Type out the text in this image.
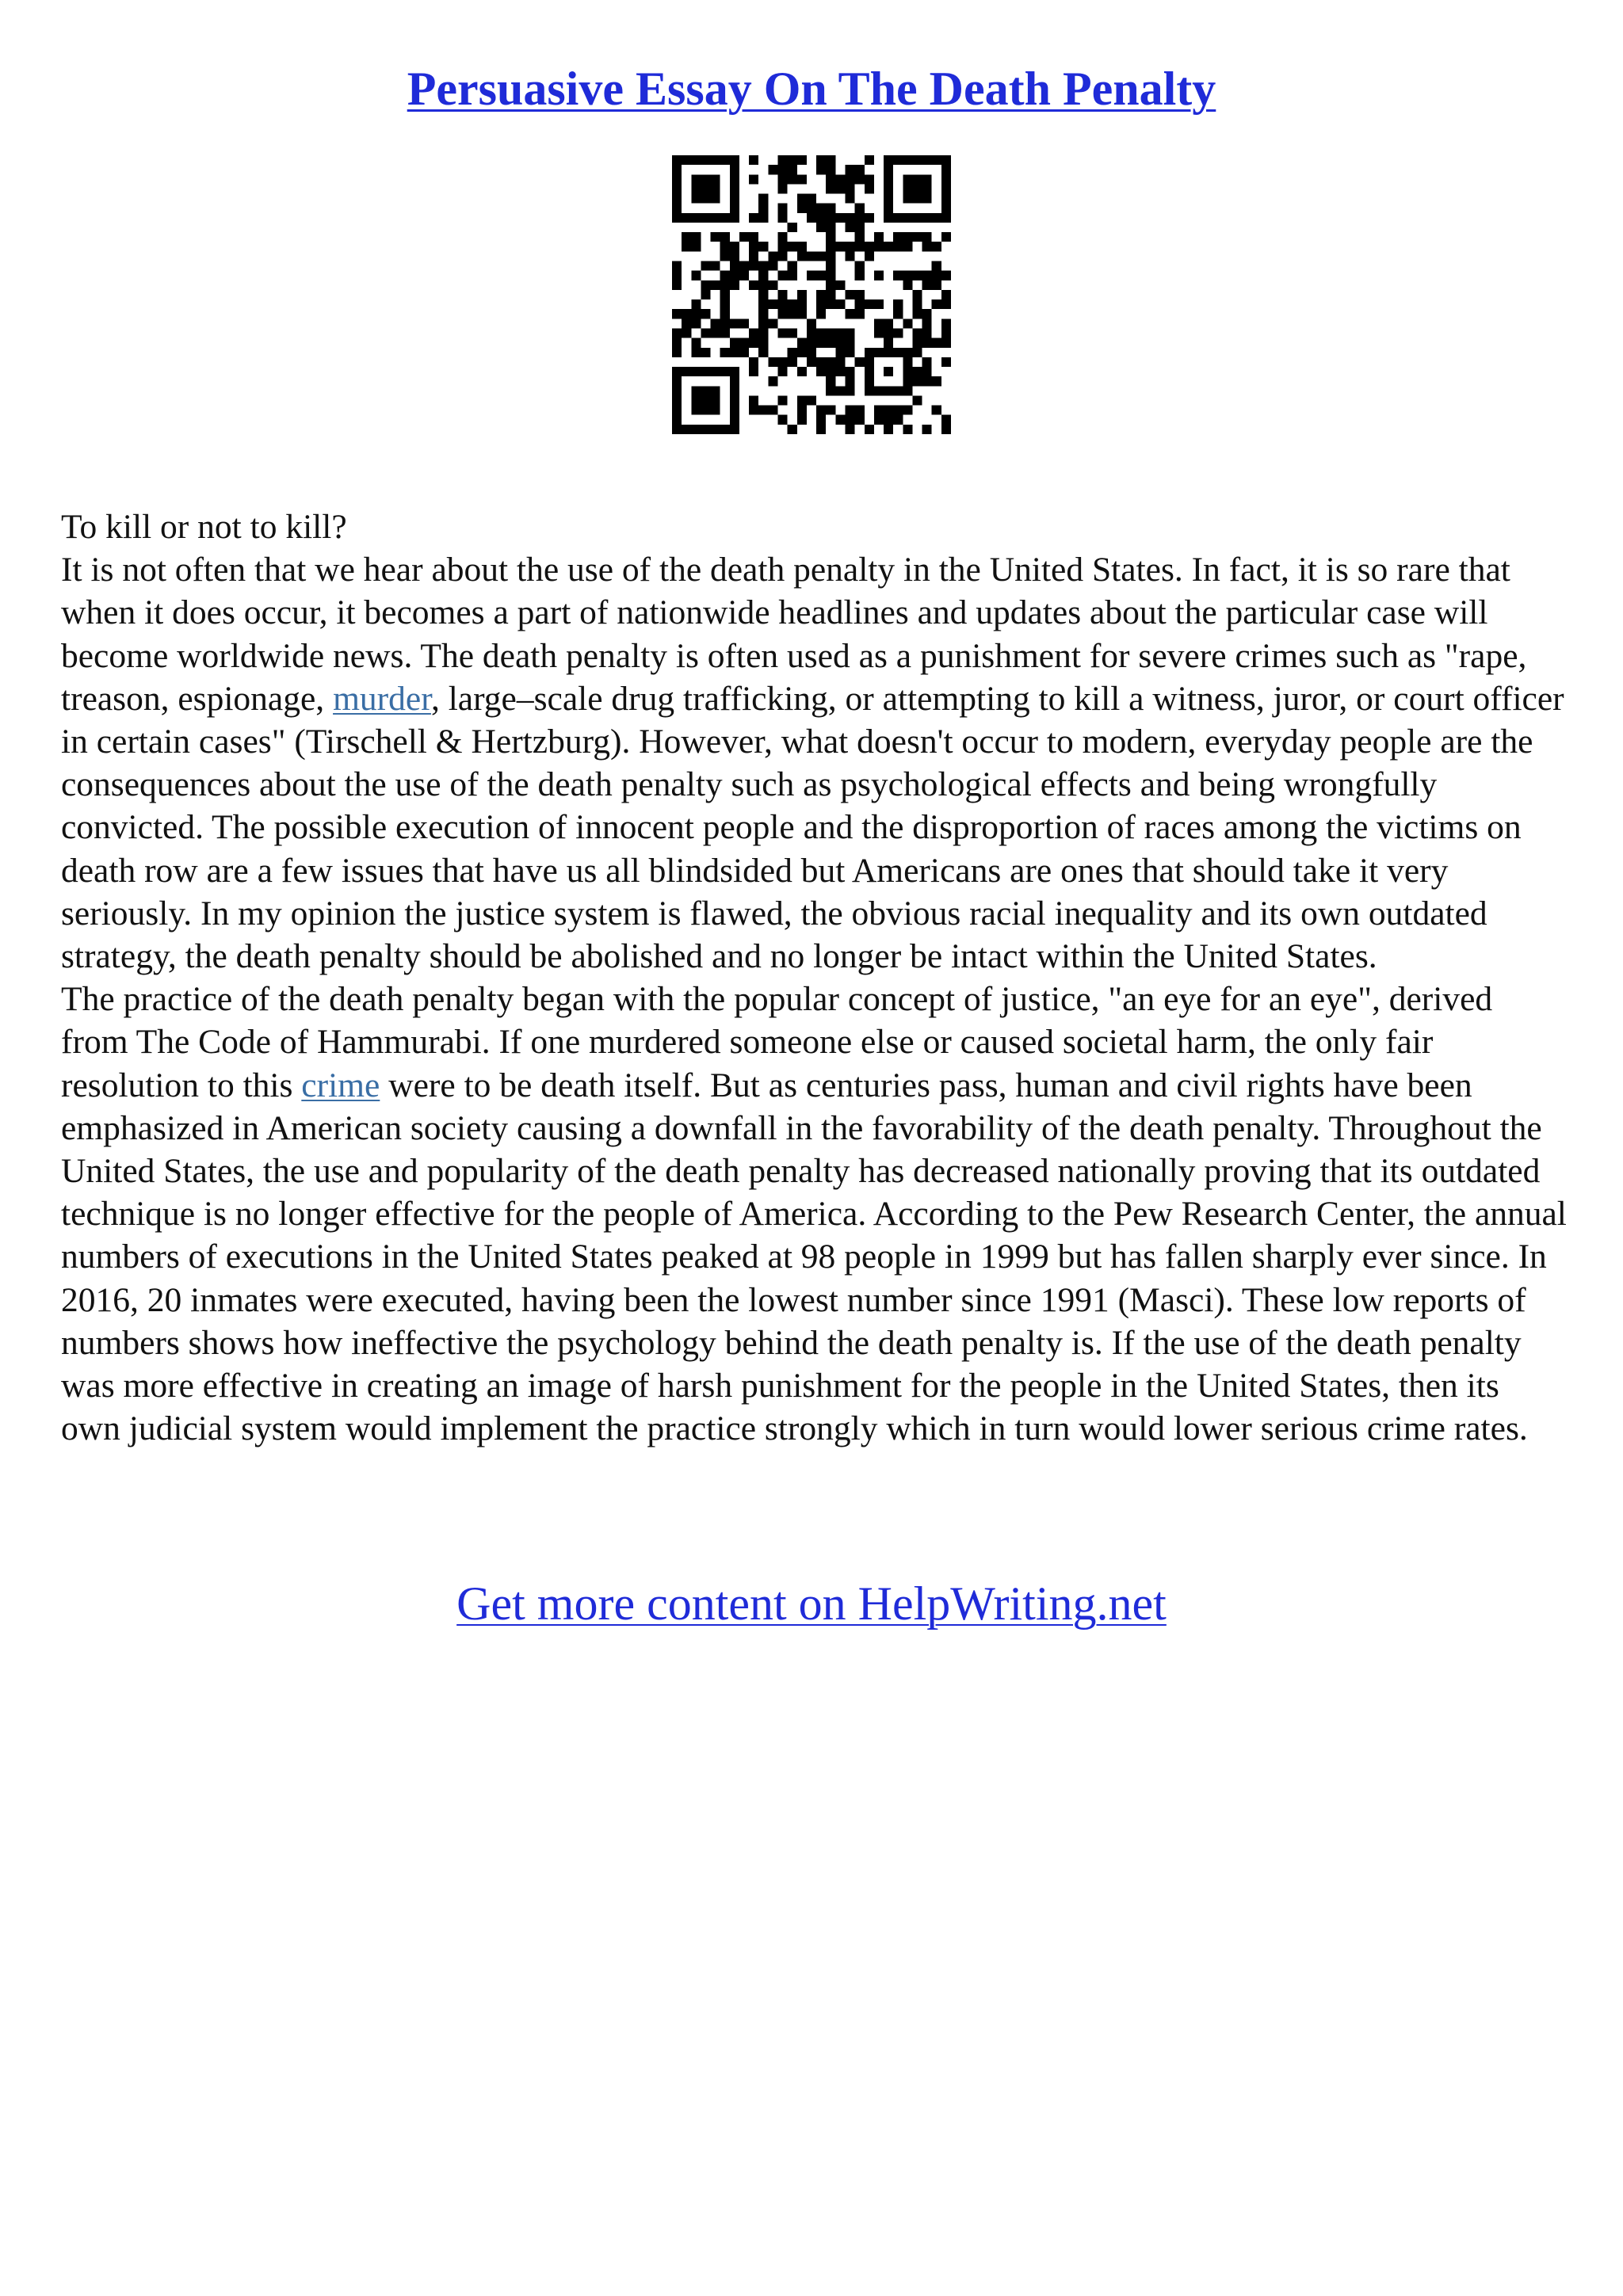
Persuasive Essay On The Death Penalty

To kill or not to kill?

It is not often that we hear about the use of the death penalty in the United States. In fact, it is so rare that when it does occur, it becomes a part of nationwide headlines and updates about the particular case will become worldwide news. The death penalty is often used as a punishment for severe crimes such as "rape, treason, espionage, murder, large–scale drug trafficking, or attempting to kill a witness, juror, or court officer in certain cases" (Tirschell & Hertzburg). However, what doesn't occur to modern, everyday people are the consequences about the use of the death penalty such as psychological effects and being wrongfully convicted. The possible execution of innocent people and the disproportion of races among the victims on death row are a few issues that have us all blindsided but Americans are ones that should take it very seriously. In my opinion the justice system is flawed, the obvious racial inequality and its own outdated strategy, the death penalty should be abolished and no longer be intact within the United States.

The practice of the death penalty began with the popular concept of justice, "an eye for an eye", derived from The Code of Hammurabi. If one murdered someone else or caused societal harm, the only fair resolution to this crime were to be death itself. But as centuries pass, human and civil rights have been emphasized in American society causing a downfall in the favorability of the death penalty. Throughout the United States, the use and popularity of the death penalty has decreased nationally proving that its outdated technique is no longer effective for the people of America. According to the Pew Research Center, the annual numbers of executions in the United States peaked at 98 people in 1999 but has fallen sharply ever since. In 2016, 20 inmates were executed, having been the lowest number since 1991 (Masci). These low reports of numbers shows how ineffective the psychology behind the death penalty is. If the use of the death penalty was more effective in creating an image of harsh punishment for the people in the United States, then its own judicial system would implement the practice strongly which in turn would lower serious crime rates.

Get more content on HelpWriting.net
